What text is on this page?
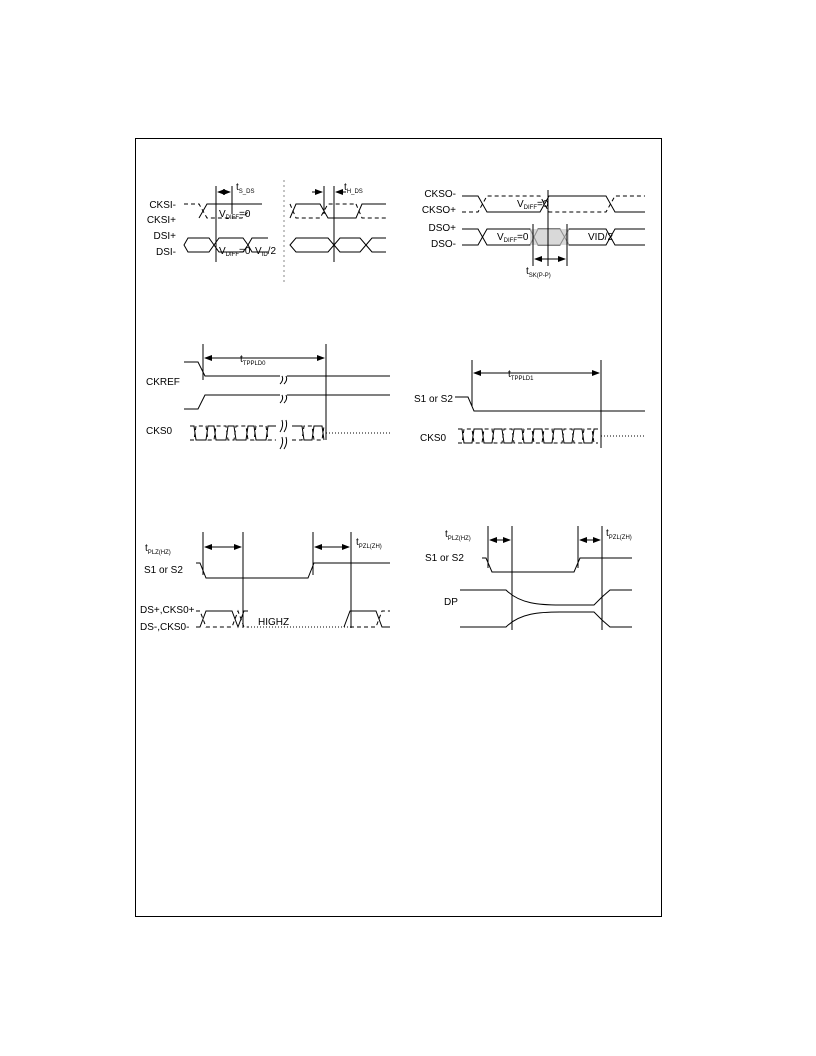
CKSI-
CKSI+
DSI+
DSI-
$t_{S\_DS}$
$V_{DIFF}=0$
$V_{DIFF}=0$ $V_{ID}/2$
$t_{H\_DS}$	CKSO-
CKSO+
DSO+
DSO-
$V_{DIFF}=0$
$V_{DIFF}=0$	VID/2
$t_{SK(P-P)}$
CKREF
CKS0
$t_{TPPLD0}$
S1 or S2
CKS0
$t_{TPPLD1}$
$t_{PLZ(HZ)}$
$t_{PZL(ZH)}$
S1 or S2
DS+,CKS0+
DS-,CKS0-	HIGHZ
$t_{PLZ(HZ)}$	$t_{PZL(ZH)}$
S1 or S2
DP
